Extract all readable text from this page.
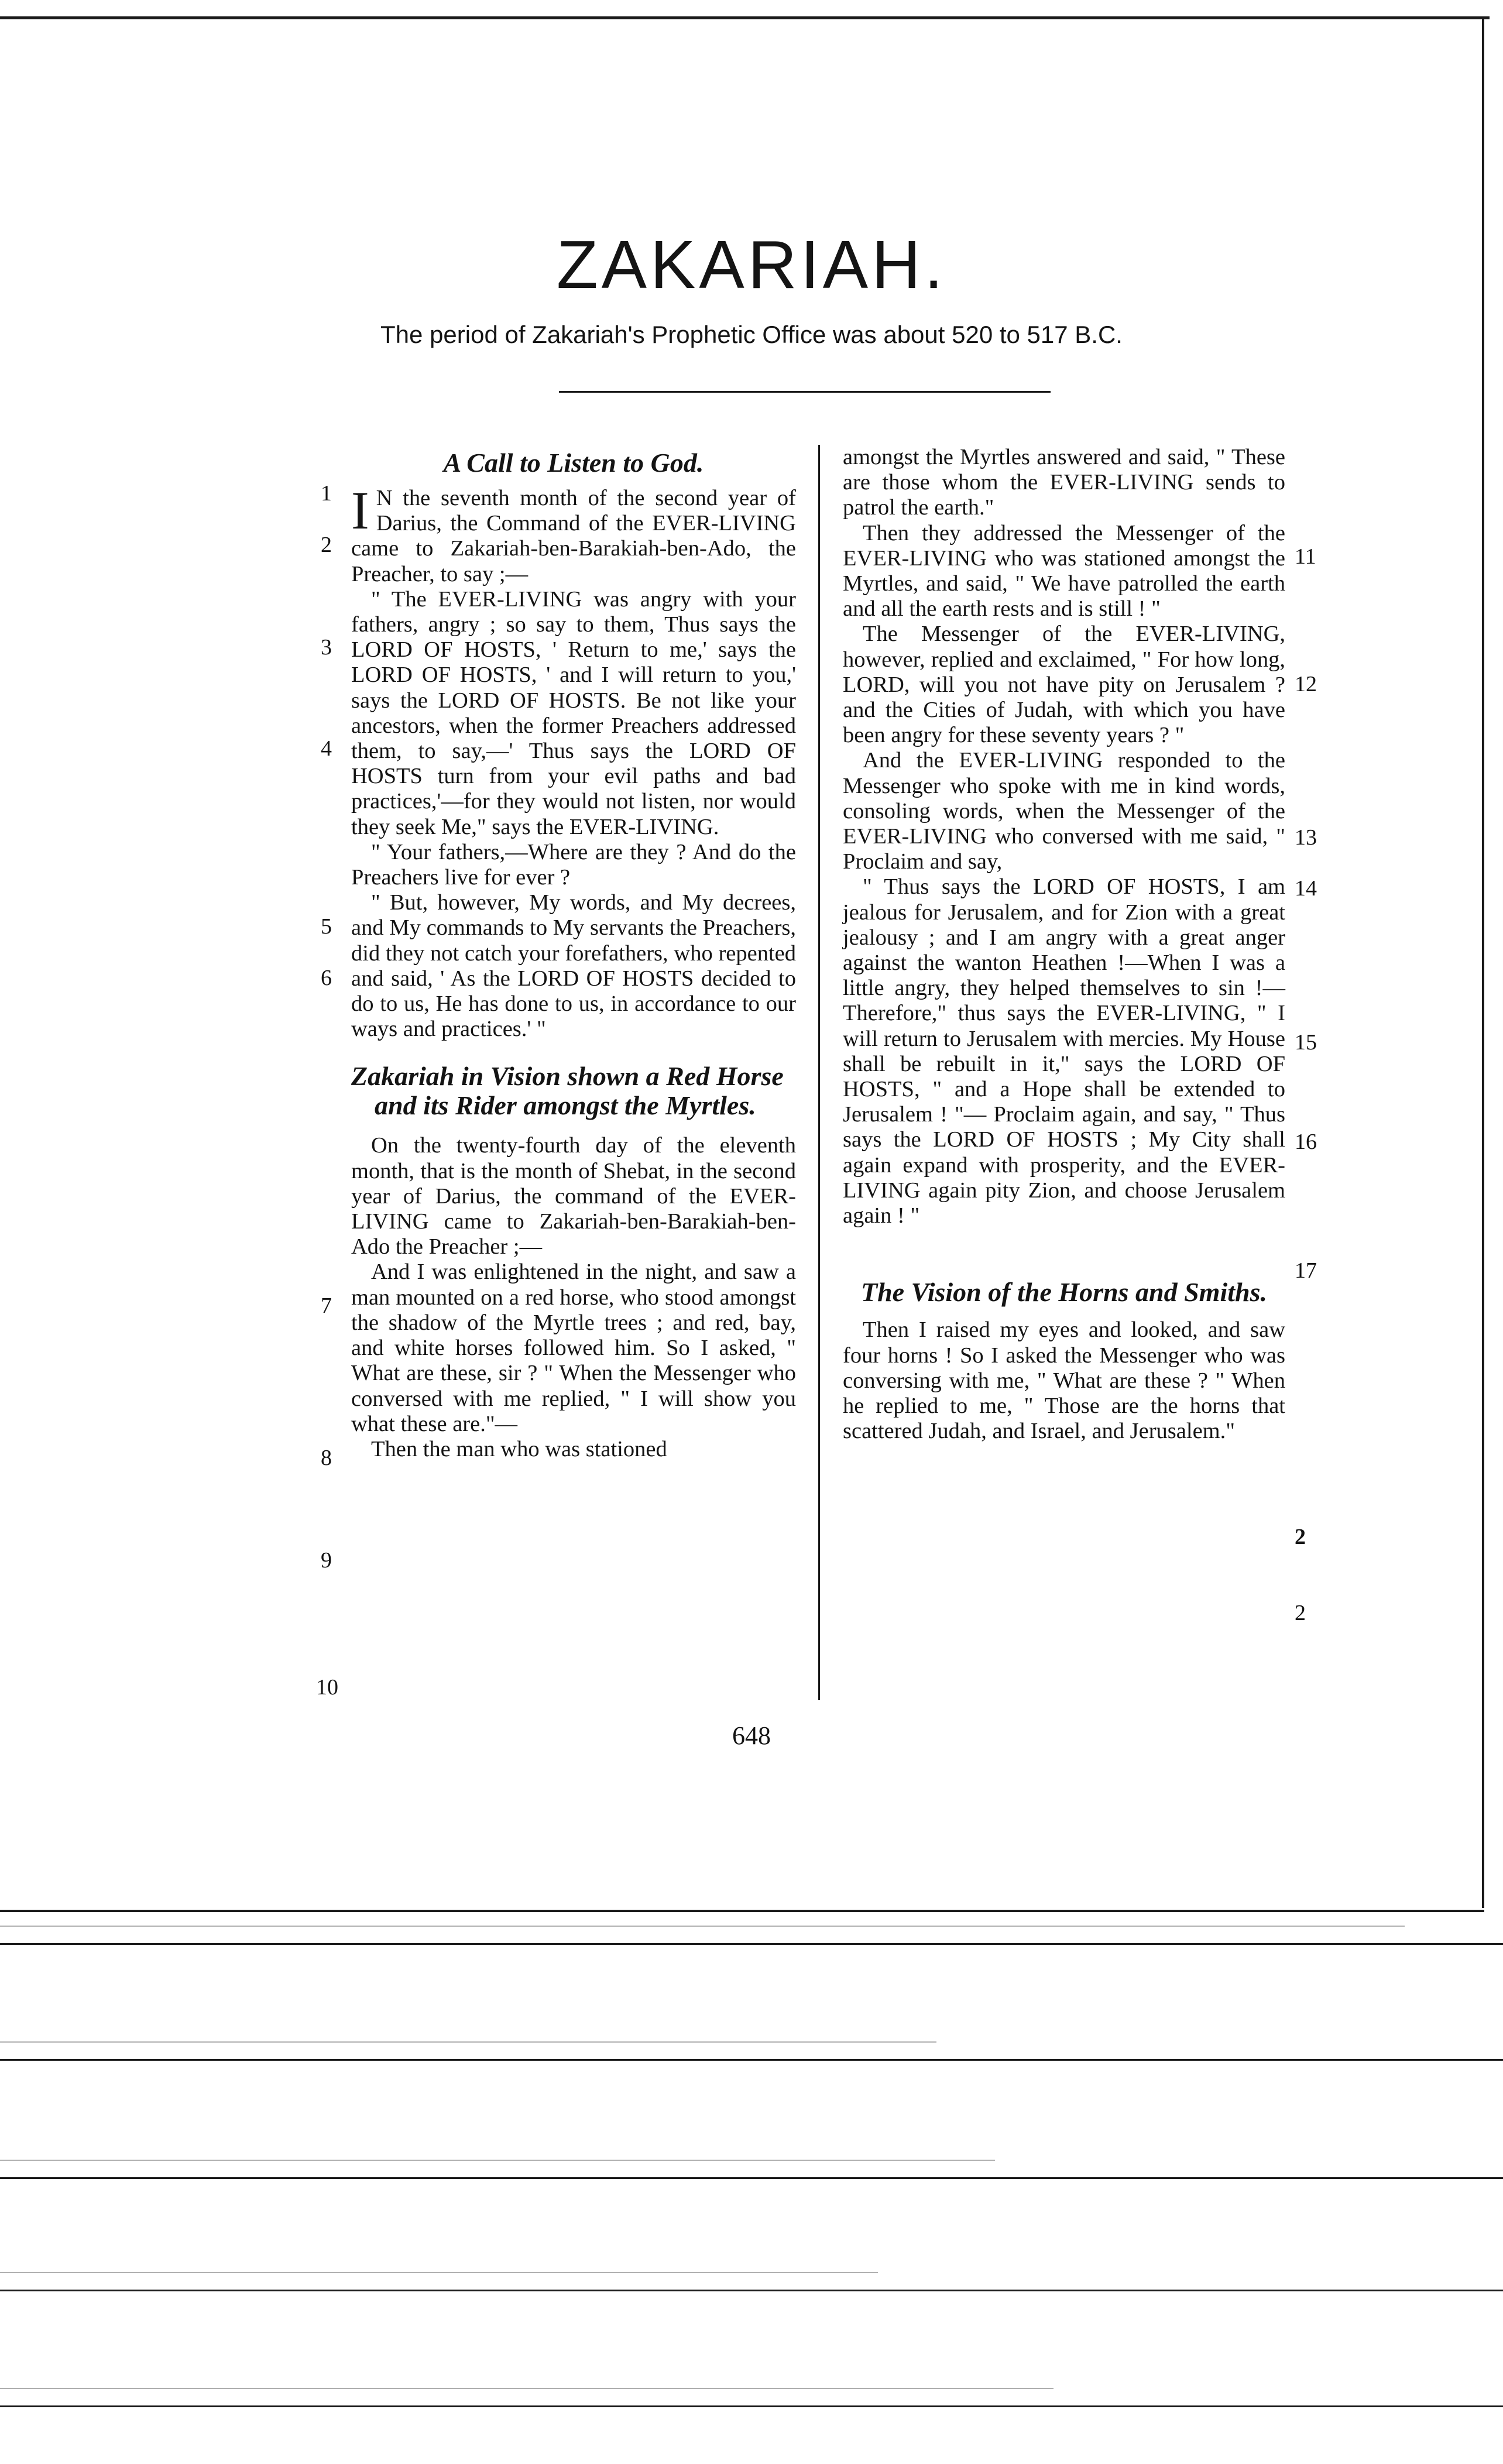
ZAKARIAH.
The period of Zakariah's Prophetic Office was about 520 to 517 B.C.
A Call to Listen to God.

I N the seventh month of the second year of Darius, the Command of the EVER-LIVING came to Zakariah-ben-Barakiah-ben-Ado, the Preacher, to say ;—

" The EVER-LIVING was angry with your fathers, angry ; so say to them, Thus says the LORD OF HOSTS, ' Return to me,' says the LORD OF HOSTS, ' and I will return to you,' says the LORD OF HOSTS. Be not like your ancestors, when the former Preachers addressed them, to say,—' Thus says the LORD OF HOSTS turn from your evil paths and bad practices,'—for they would not listen, nor would they seek Me," says the EVER-LIVING.

" Your fathers,—Where are they ? And do the Preachers live for ever ?

" But, however, My words, and My decrees, and My commands to My servants the Preachers, did they not catch your forefathers, who repented and said, ' As the LORD OF HOSTS decided to do to us, He has done to us, in accordance to our ways and practices.' "

Zakariah in Vision shown a Red Horse and its Rider amongst the Myrtles.

On the twenty-fourth day of the eleventh month, that is the month of Shebat, in the second year of Darius, the command of the EVER-LIVING came to Zakariah-ben-Barakiah-ben-Ado the Preacher ;—

And I was enlightened in the night, and saw a man mounted on a red horse, who stood amongst the shadow of the Myrtle trees ; and red, bay, and white horses followed him. So I asked, " What are these, sir ? " When the Messenger who conversed with me replied, " I will show you what these are."—

Then the man who was stationed

amongst the Myrtles answered and said, " These are those whom the EVER-LIVING sends to patrol the earth."

Then they addressed the Messenger of the EVER-LIVING who was stationed amongst the Myrtles, and said, " We have patrolled the earth and all the earth rests and is still ! "

The Messenger of the EVER-LIVING, however, replied and exclaimed, " For how long, LORD, will you not have pity on Jerusalem ? and the Cities of Judah, with which you have been angry for these seventy years ? "

And the EVER-LIVING responded to the Messenger who spoke with me in kind words, consoling words, when the Messenger of the EVER-LIVING who conversed with me said, " Proclaim and say,

" Thus says the LORD OF HOSTS, I am jealous for Jerusalem, and for Zion with a great jealousy ; and I am angry with a great anger against the wanton Heathen !—When I was a little angry, they helped themselves to sin !—Therefore," thus says the EVER-LIVING, " I will return to Jerusalem with mercies. My House shall be rebuilt in it," says the LORD OF HOSTS, " and a Hope shall be extended to Jerusalem ! "— Proclaim again, and say, " Thus says the LORD OF HOSTS ; My City shall again expand with prosperity, and the EVER-LIVING again pity Zion, and choose Jerusalem again ! "

The Vision of the Horns and Smiths.

Then I raised my eyes and looked, and saw four horns ! So I asked the Messenger who was conversing with me, " What are these ? " When he replied to me, " Those are the horns that scattered Judah, and Israel, and Jerusalem."

1
2
3
4
5
6
7
8
9
10
11
12
13
14
15
16
17
2
2
648
